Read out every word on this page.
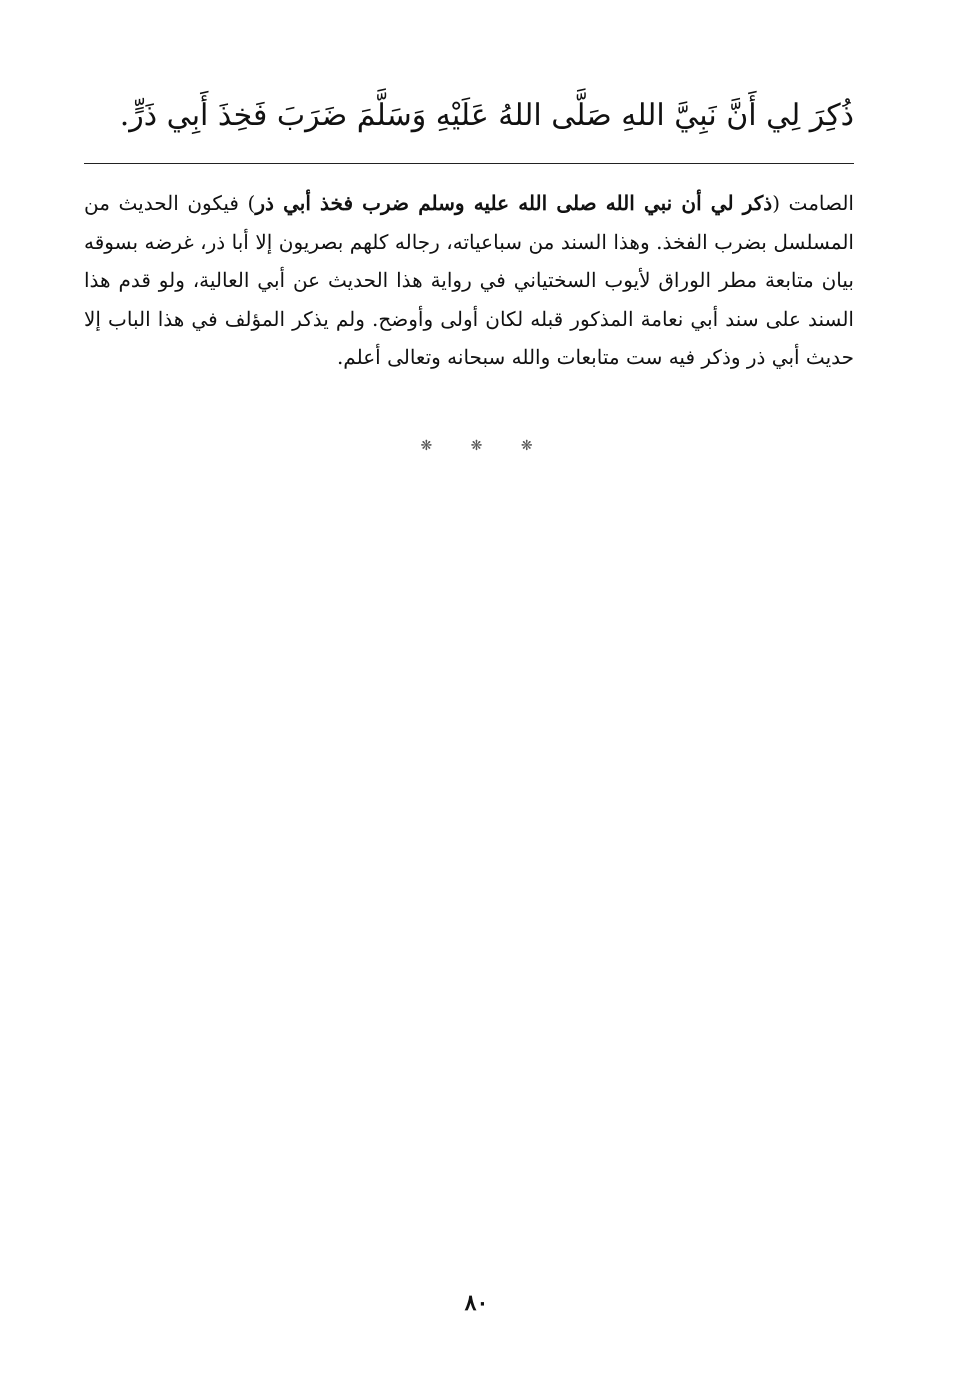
ذُكِرَ لِي أَنَّ نَبِيَّ اللهِ صَلَّى اللهُ عَلَيْهِ وَسَلَّمَ ضَرَبَ فَخِذَ أَبِي ذَرٍّ.
الصامت (ذكر لي أن نبي الله صلى الله عليه وسلم ضرب فخذ أبي ذر) فيكون الحديث من المسلسل بضرب الفخذ. وهذا السند من سباعياته، رجاله كلهم بصريون إلا أبا ذر، غرضه بسوقه بيان متابعة مطر الوراق لأيوب السختياني في رواية هذا الحديث عن أبي العالية، ولو قدم هذا السند على سند أبي نعامة المذكور قبله لكان أولى وأوضح. ولم يذكر المؤلف في هذا الباب إلا حديث أبي ذر وذكر فيه ست متابعات والله سبحانه وتعالى أعلم.
❋	❋	❋
٨٠
